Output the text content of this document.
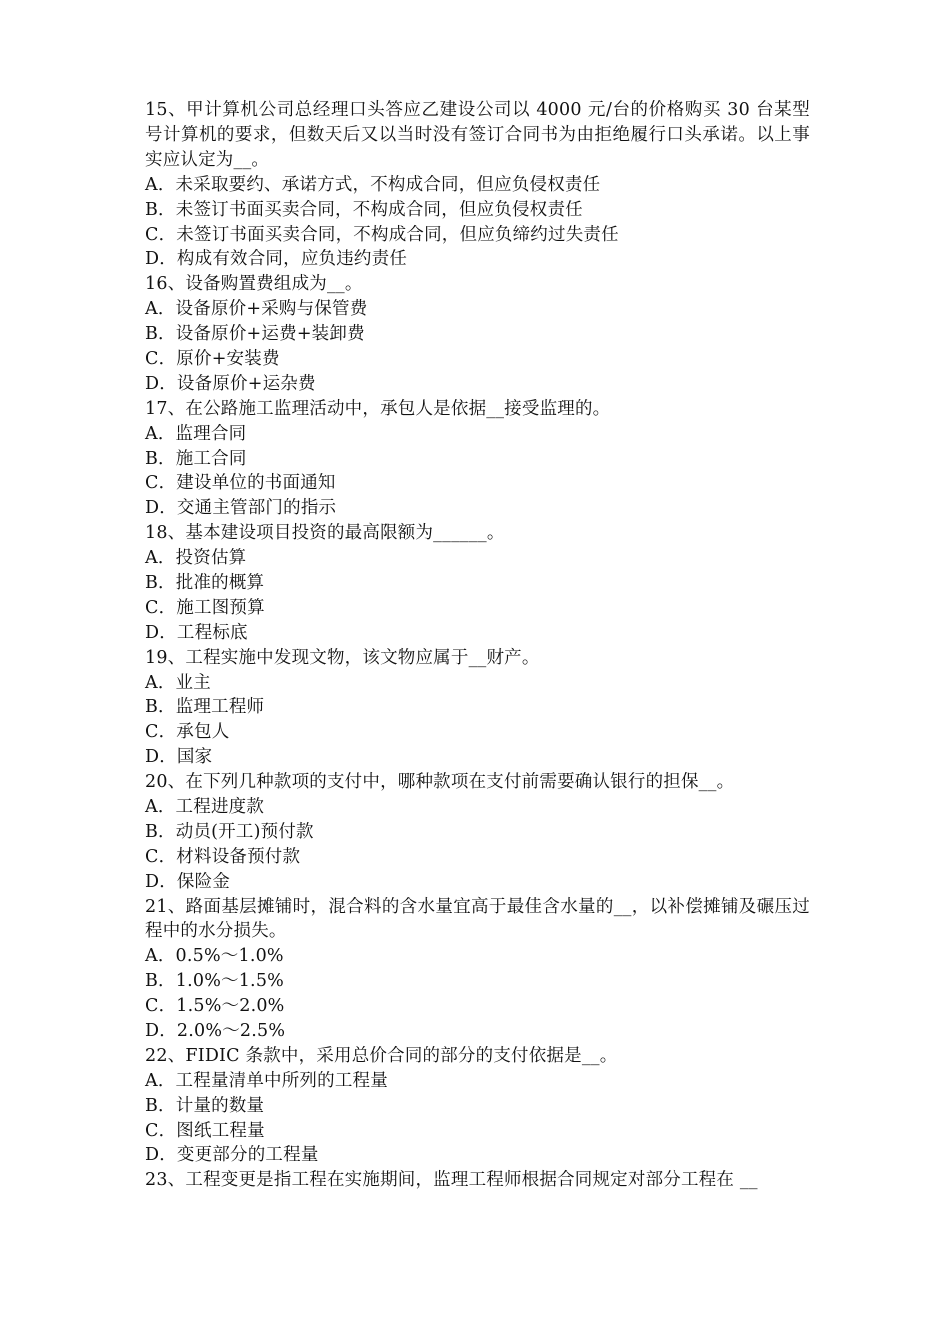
15、甲计算机公司总经理口头答应乙建设公司以 4000 元/台的价格购买 30 台某型号计算机的要求，但数天后又以当时没有签订合同书为由拒绝履行口头承诺。以上事实应认定为__。
A．未采取要约、承诺方式，不构成合同，但应负侵权责任
B．未签订书面买卖合同，不构成合同，但应负侵权责任
C．未签订书面买卖合同，不构成合同，但应负缔约过失责任
D．构成有效合同，应负违约责任
16、设备购置费组成为__。
A．设备原价+采购与保管费
B．设备原价+运费+装卸费
C．原价+安装费
D．设备原价+运杂费
17、在公路施工监理活动中，承包人是依据__接受监理的。
A．监理合同
B．施工合同
C．建设单位的书面通知
D．交通主管部门的指示
18、基本建设项目投资的最高限额为______。
A．投资估算
B．批准的概算
C．施工图预算
D．工程标底
19、工程实施中发现文物，该文物应属于__财产。
A．业主
B．监理工程师
C．承包人
D．国家
20、在下列几种款项的支付中，哪种款项在支付前需要确认银行的担保__。
A．工程进度款
B．动员(开工)预付款
C．材料设备预付款
D．保险金
21、路面基层摊铺时，混合料的含水量宜高于最佳含水量的__，以补偿摊铺及碾压过程中的水分损失。
A．0.5%～1.0%
B．1.0%～1.5%
C．1.5%～2.0%
D．2.0%～2.5%
22、FIDIC 条款中，采用总价合同的部分的支付依据是__。
A．工程量清单中所列的工程量
B．计量的数量
C．图纸工程量
D．变更部分的工程量
23、工程变更是指工程在实施期间，监理工程师根据合同规定对部分工程在 __
